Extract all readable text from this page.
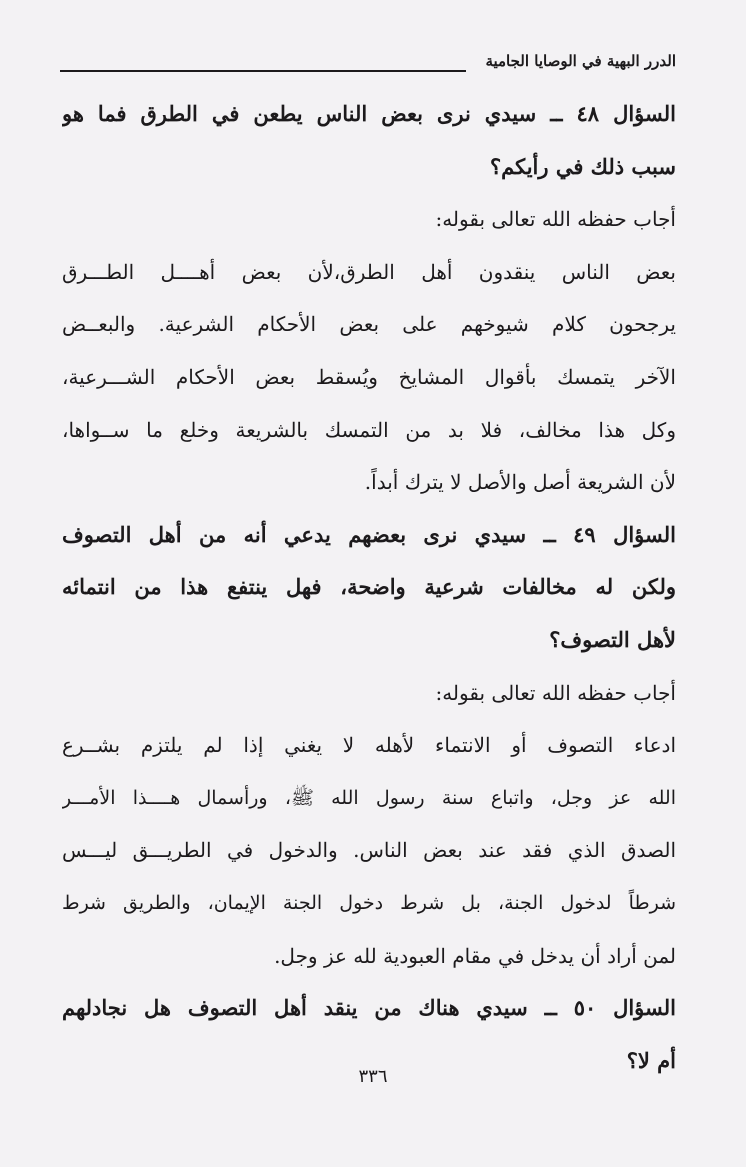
الدرر البهية في الوصايا الجامية
السؤال ٤٨ ــ سيدي نرى بعض الناس يطعن في الطرق فما هو
سبب ذلك في رأيكم؟
أجاب حفظه الله تعالى بقوله:
بعض الناس ينقدون أهل الطرق،لأن بعض أهــــل الطـــرق
يرجحون كلام شيوخهم على بعض الأحكام الشرعية. والبعــض
الآخر يتمسك بأقوال المشايخ ويُسقط بعض الأحكام الشـــرعية،
وكل هذا مخالف، فلا بد من التمسك بالشريعة وخلع ما ســواها،
لأن الشريعة أصل والأصل لا يترك أبداً.
السؤال ٤٩ ــ سيدي نرى بعضهم يدعي أنه من أهل التصوف
ولكن له مخالفات شرعية واضحة، فهل ينتفع هذا من انتمائه
لأهل التصوف؟
أجاب حفظه الله تعالى بقوله:
ادعاء التصوف أو الانتماء لأهله لا يغني إذا لم يلتزم بشــرع
الله عز وجل، واتباع سنة رسول الله ﷺ، ورأسمال هــــذا الأمـــر
الصدق الذي فقد عند بعض الناس. والدخول في الطريـــق ليـــس
شرطاً لدخول الجنة، بل شرط دخول الجنة الإيمان، والطريق شرط
لمن أراد أن يدخل في مقام العبودية لله عز وجل.
السؤال ٥٠ ــ سيدي هناك من ينقد أهل التصوف هل نجادلهم
أم لا؟
٣٣٦
